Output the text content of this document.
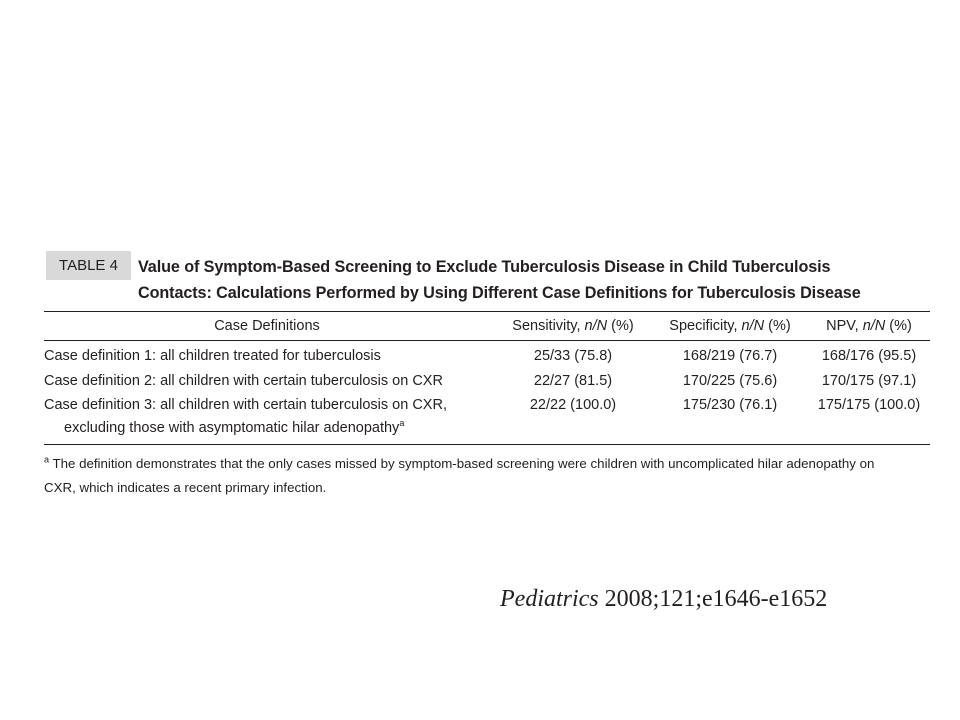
TABLE 4	Value of Symptom-Based Screening to Exclude Tuberculosis Disease in Child Tuberculosis
Contacts: Calculations Performed by Using Different Case Definitions for Tuberculosis Disease
Case Definitions	Sensitivity, n/N (%)	Specificity, n/N (%)	NPV, n/N (%)
Case definition 1: all children treated for tuberculosis	25/33 (75.8)	168/219 (76.7)	168/176 (95.5)
Case definition 2: all children with certain tuberculosis on CXR	22/27 (81.5)	170/225 (75.6)	170/175 (97.1)
Case definition 3: all children with certain tuberculosis on CXR,
excluding those with asymptomatic hilar adenopathy$^a$
22/22 (100.0)	175/230 (76.1)	175/175 (100.0)
$^a$ The definition demonstrates that the only cases missed by symptom-based screening were children with uncomplicated hilar adenopathy on
CXR, which indicates a recent primary infection.
Pediatrics 2008;121;e1646-e1652
